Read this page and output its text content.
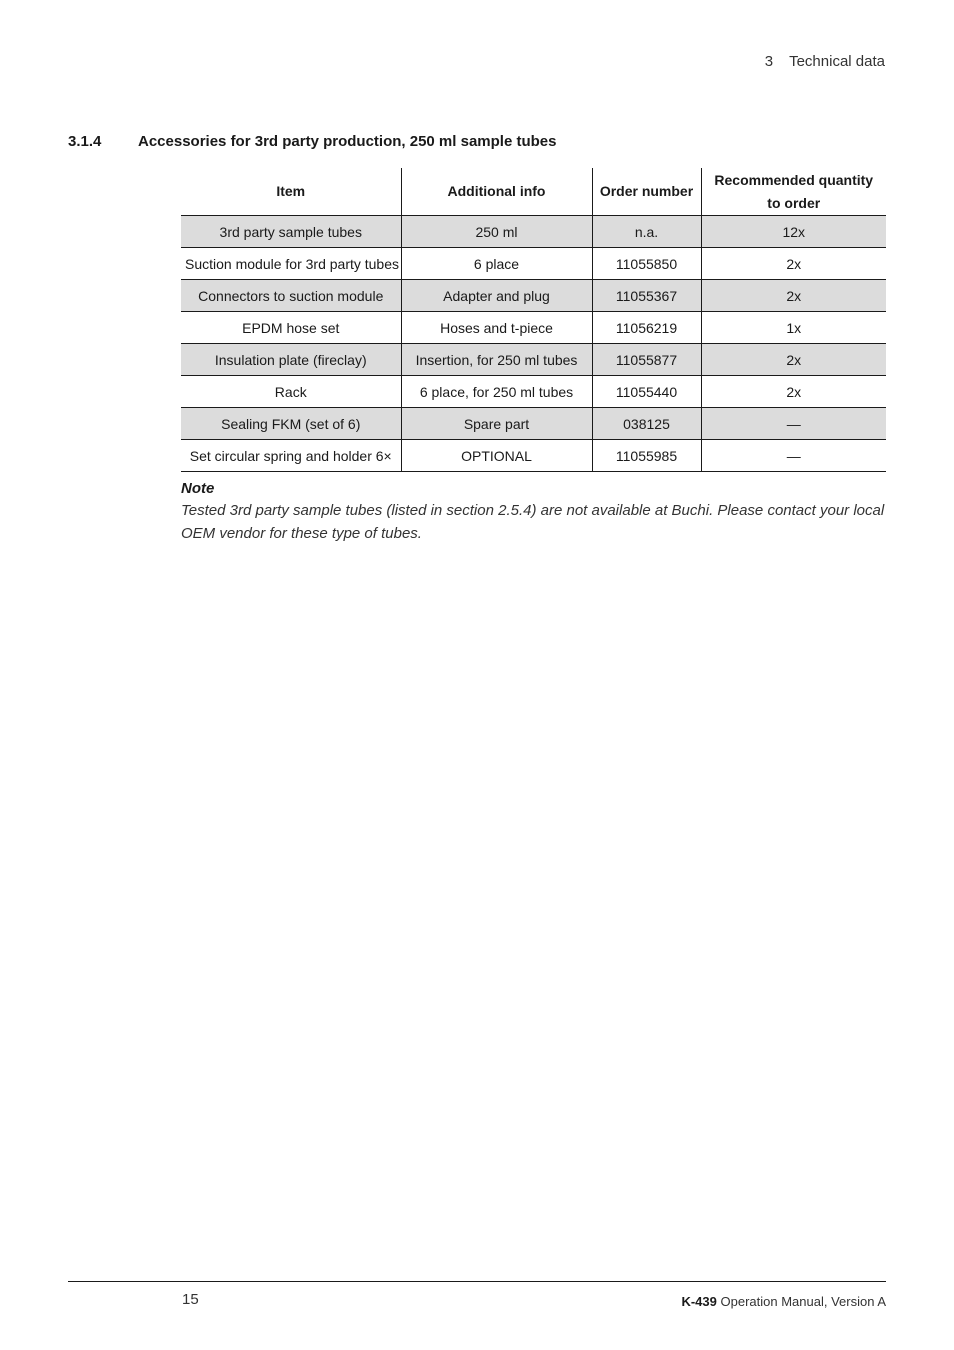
3 Technical data
3.1.4 Accessories for 3rd party production, 250 ml sample tubes
Item	Additional info	Order number	Recommended quantity to order
3rd party sample tubes	250 ml	n.a.	12x
Suction module for 3rd party tubes	6 place	11055850	2x
Connectors to suction module	Adapter and plug	11055367	2x
EPDM hose set	Hoses and t-piece	11056219	1x
Insulation plate (fireclay)	Insertion, for 250 ml tubes	11055877	2x
Rack	6 place, for 250 ml tubes	11055440	2x
Sealing FKM (set of 6)	Spare part	038125	—
Set circular spring and holder 6×	OPTIONAL	11055985	—
Note
Tested 3rd party sample tubes (listed in section 2.5.4) are not available at Buchi. Please contact your local OEM vendor for these type of tubes.
15	K-439 Operation Manual, Version A
